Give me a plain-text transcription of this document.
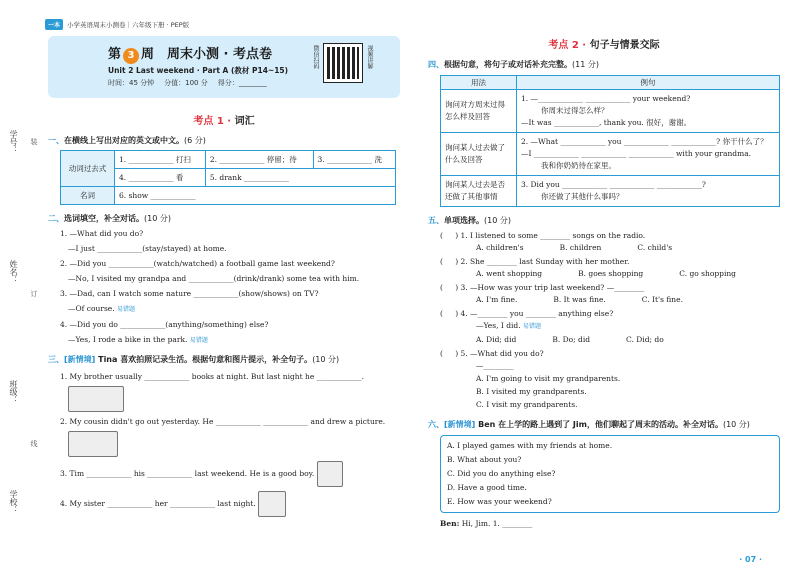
一本	小学英语周末小测卷｜六年级下册 · PEP版
学号：
姓名：
班级：
学校：
装
订
线
第 3 周　周末小测 · 考点卷
Unit 2 Last weekend · Part A (教材 P14~15)
时间：45 分钟 分值：100 分 得分：________
微信扫码	视频讲解
考点 1 · 词汇
一、在横线上写出对应的英文或中文。(6 分)
动词过去式	1. ____________ 打扫	2. ____________ 停留；待	3. ____________ 洗
	4. ____________ 看	5. drank ____________	
名词	6. show ____________		
二、选词填空，补全对话。(10 分)
1. —What did you do?
—I just ____________(stay/stayed) at home.
2. —Did you ____________(watch/watched) a football game last weekend?
—No, I visited my grandpa and ____________(drink/drank) some tea with him.
3. —Dad, can I watch some nature ____________(show/shows) on TV?
—Of course. 易错题
4. —Did you do ____________(anything/something) else?
—Yes, I rode a bike in the park. 易错题
三、[新情境] Tina 喜欢拍照记录生活。根据句意和图片提示，补全句子。(10 分)
1. My brother usually ____________ books at night. But last night he ____________.
2. My cousin didn't go out yesterday. He ____________ ____________ and drew a picture.
3. Tim ____________ his ____________ last weekend. He is a good boy.
4. My sister ____________ her ____________ last night.
考点 2 · 句子与情景交际
四、根据句意，将句子或对话补充完整。(11 分)
用法	例句
询问对方周末过得怎么样及回答	1. —____________ ____________ your weekend?
你周末过得怎么样？
—It was ____________, thank you. 很好，谢谢。

询问某人过去做了什么及回答	2. —What ____________ you ____________ ____________? 你干什么了？
—I ____________ ____________ ____________ with your grandma.
我和你奶奶待在家里。

询问某人过去是否还做了其他事情	3. Did you ____________ ____________ ____________?
你还做了其他什么事吗？
五、单项选择。(10 分)
( 　 ) 1. I listened to some ________ songs on the radio.
A. children's	B. children	C. child's
( 　 ) 2. She ________ last Sunday with her mother.
A. went shopping	B. goes shopping	C. go shopping
( 　 ) 3. —How was your trip last weekend? —________
A. I'm fine.	B. It was fine.	C. It's fine.
( 　 ) 4. —________ you ________ anything else?
—Yes, I did. 易错题
A. Did; did	B. Do; did	C. Did; do
( 　 ) 5. —What did you do?
—________
A. I'm going to visit my grandparents.
B. I visited my grandparents.
C. I visit my grandparents.
六、[新情境] Ben 在上学的路上遇到了 Jim，他们聊起了周末的活动。补全对话。(10 分)
A. I played games with my friends at home.
B. What about you?
C. Did you do anything else?
D. Have a good time.
E. How was your weekend?
Ben: Hi, Jim. 1. ________
· 07 ·
